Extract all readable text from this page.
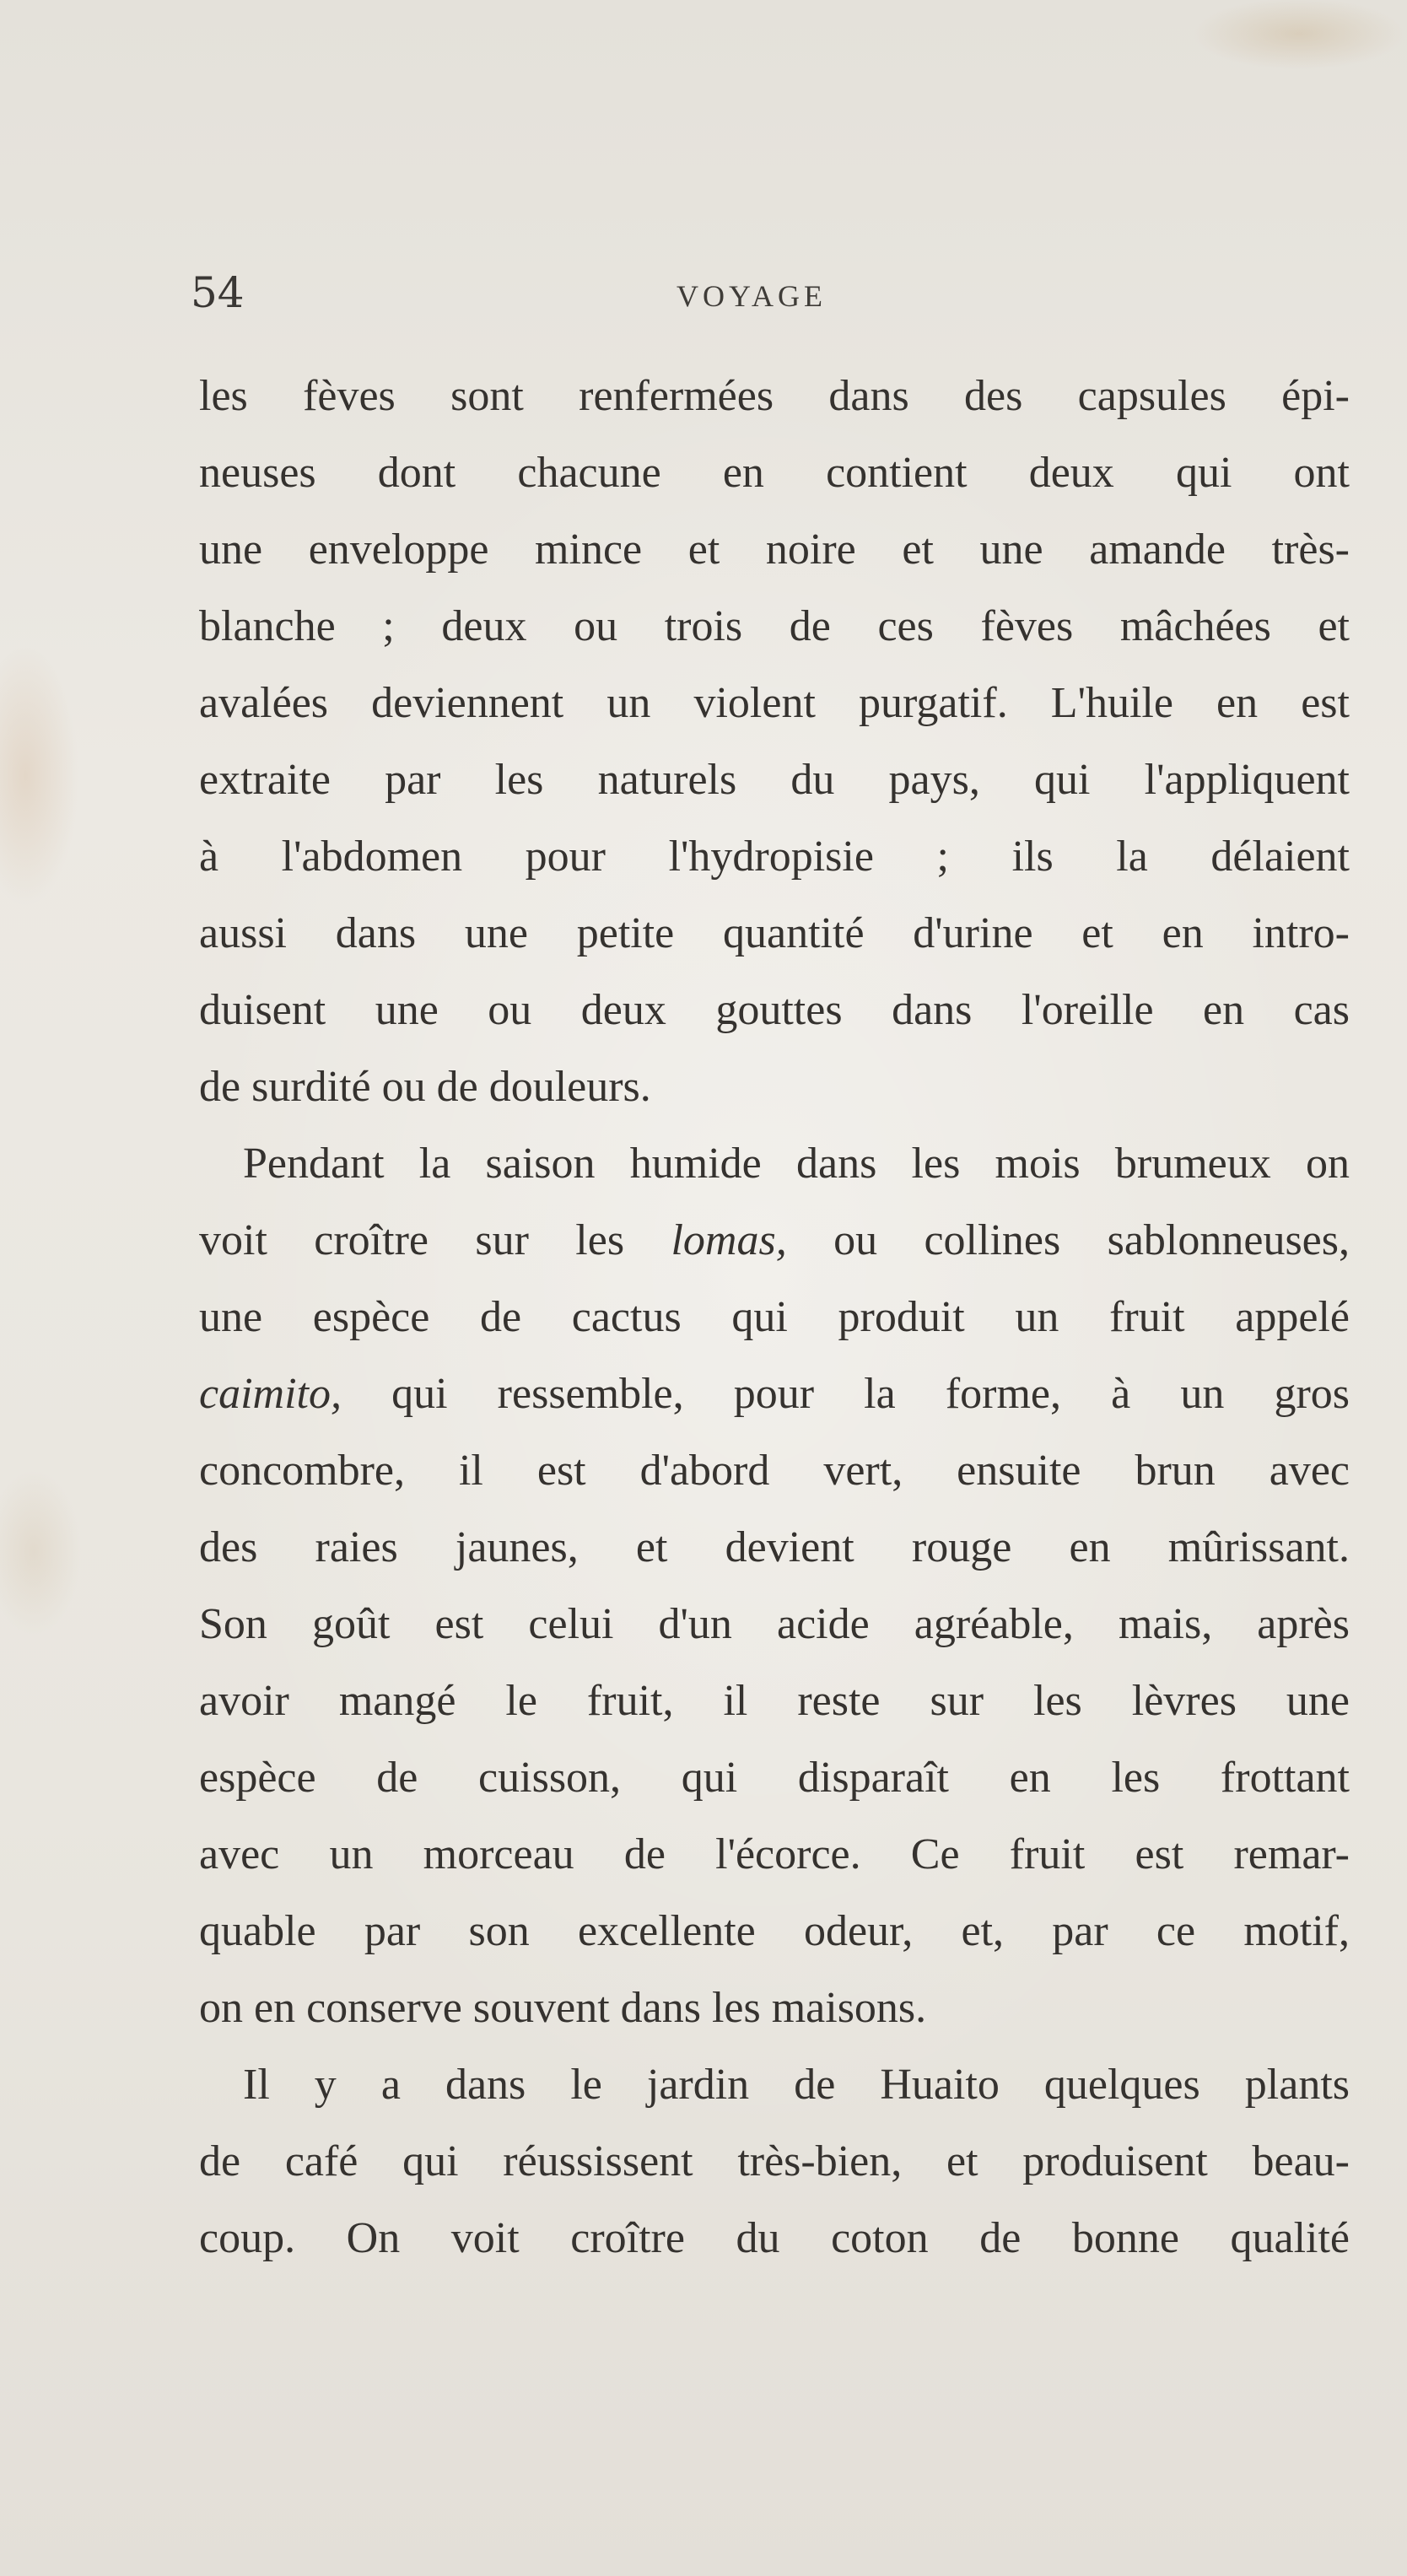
54	VOYAGE
les fèves sont renfermées dans des capsules épi-
neuses dont chacune en contient deux qui ont
une enveloppe mince et noire et une amande très-
blanche ; deux ou trois de ces fèves mâchées et
avalées deviennent un violent purgatif. L'huile en est
extraite par les naturels du pays, qui l'appliquent
à l'abdomen pour l'hydropisie ; ils la délaient
aussi dans une petite quantité d'urine et en intro-
duisent une ou deux gouttes dans l'oreille en cas
de surdité ou de douleurs.
Pendant la saison humide dans les mois brumeux on
voit croître sur les lomas, ou collines sablonneuses,
une espèce de cactus qui produit un fruit appelé
caimito, qui ressemble, pour la forme, à un gros
concombre, il est d'abord vert, ensuite brun avec
des raies jaunes, et devient rouge en mûrissant.
Son goût est celui d'un acide agréable, mais, après
avoir mangé le fruit, il reste sur les lèvres une
espèce de cuisson, qui disparaît en les frottant
avec un morceau de l'écorce. Ce fruit est remar-
quable par son excellente odeur, et, par ce motif,
on en conserve souvent dans les maisons.
Il y a dans le jardin de Huaito quelques plants
de café qui réussissent très-bien, et produisent beau-
coup. On voit croître du coton de bonne qualité
